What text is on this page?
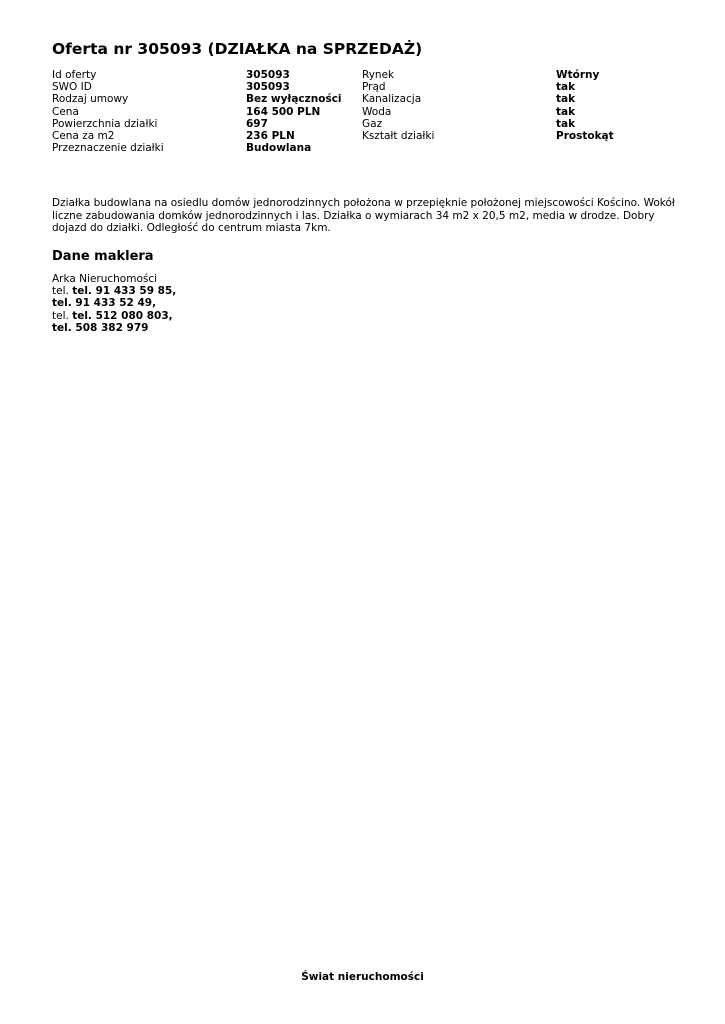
Oferta nr 305093 (DZIAŁKA na SPRZEDAŻ)
Id oferty	305093	Rynek	Wtórny
SWO ID	305093	Prąd	tak
Rodzaj umowy	Bez wyłączności	Kanalizacja	tak
Cena	164 500 PLN	Woda	tak
Powierzchnia działki	697	Gaz	tak
Cena za m2	236 PLN	Kształt działki	Prostokąt
Przeznaczenie działki	Budowlana		
Działka budowlana na osiedlu domów jednorodzinnych położona w przepięknie położonej miejscowości Kościno. Wokół liczne zabudowania domków jednorodzinnych i las. Działka o wymiarach 34 m2 x 20,5 m2, media w drodze. Dobry dojazd do działki. Odległość do centrum miasta 7km.
Dane maklera
Arka Nieruchomości
tel. tel. 91 433 59 85,
tel. 91 433 52 49,
tel. tel. 512 080 803,
tel. 508 382 979
Świat nieruchomości
